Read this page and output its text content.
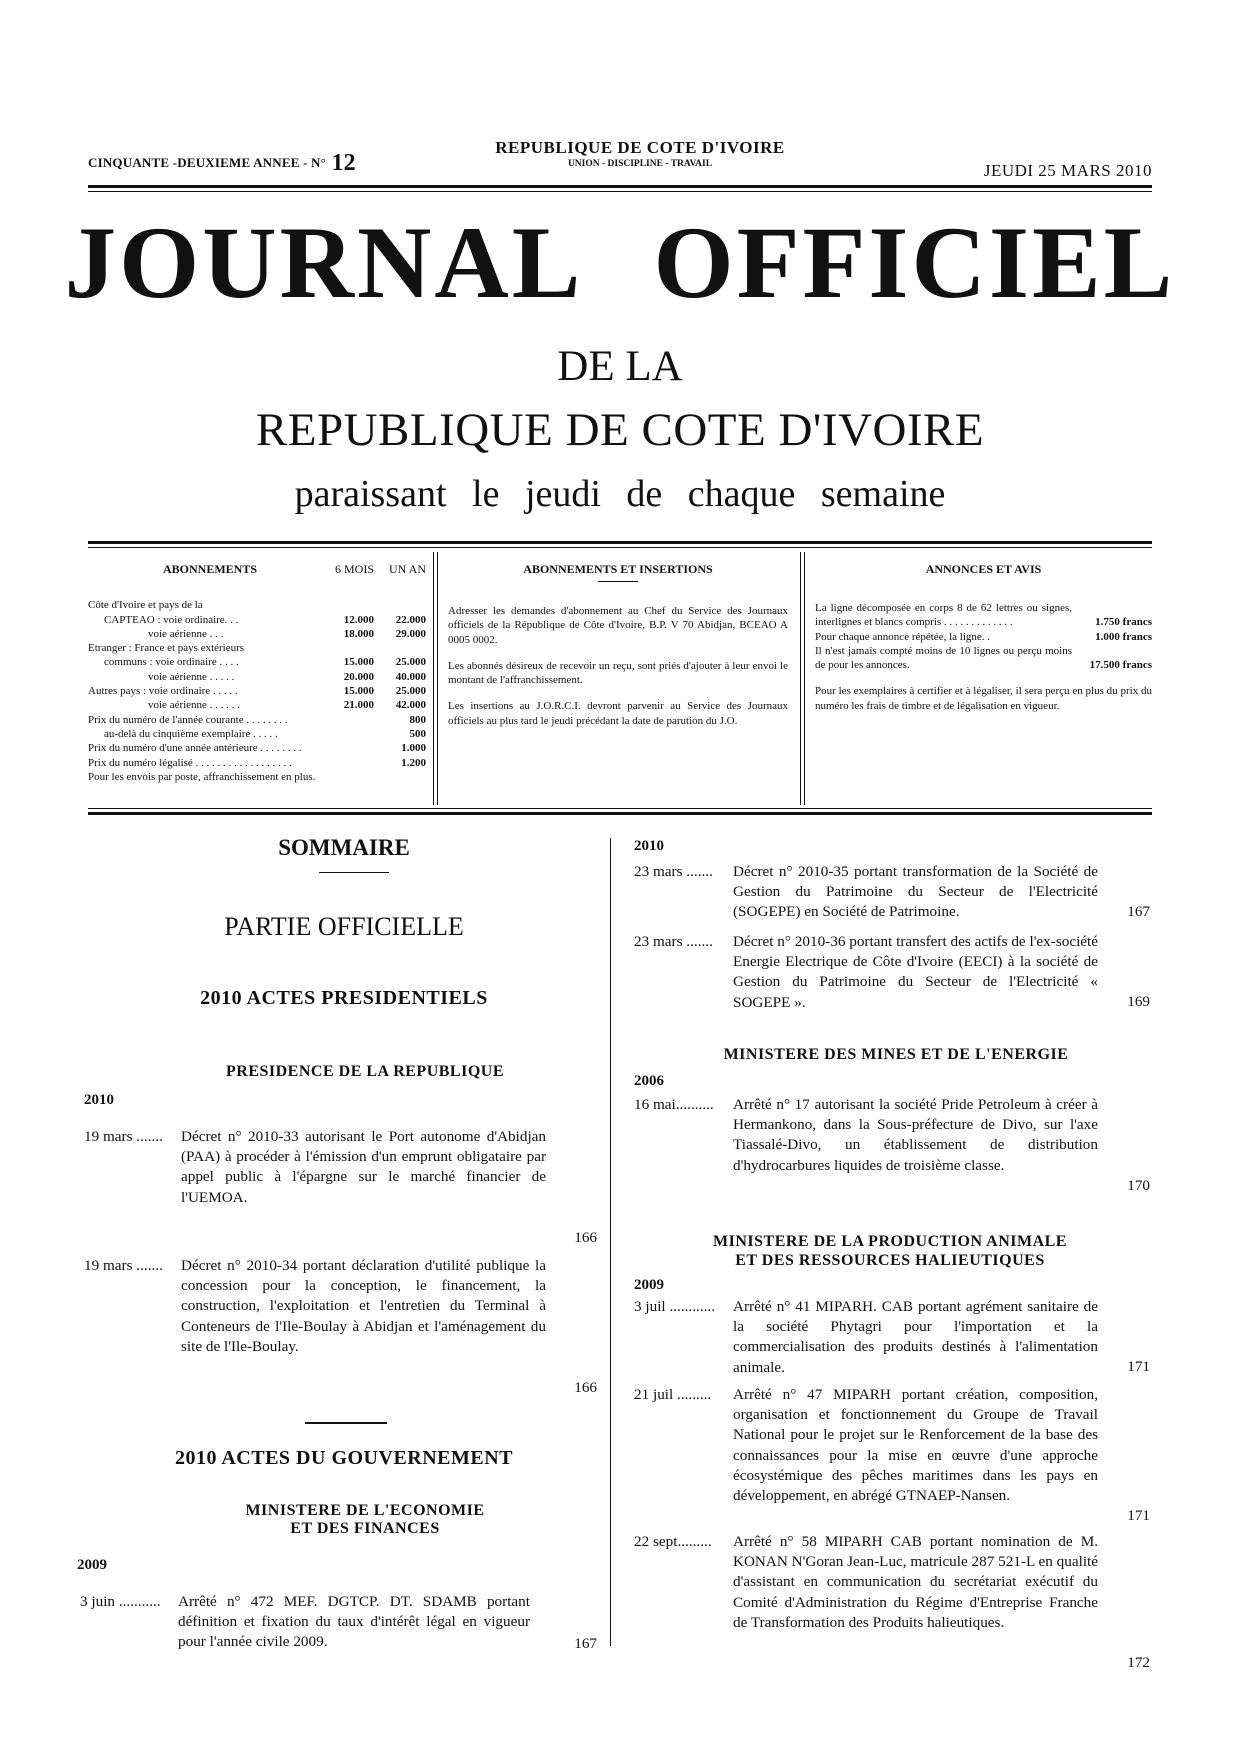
CINQUANTE -DEUXIEME ANNEE - N° 12
REPUBLIQUE DE COTE D'IVOIRE
UNION - DISCIPLINE - TRAVAIL	JEUDI 25 MARS 2010
JOURNAL OFFICIEL
DE LA
REPUBLIQUE DE COTE D'IVOIRE
paraissant le jeudi de chaque semaine
ABONNEMENTS	6 MOIS	UN AN
Côte d'Ivoire et pays de la
CAPTEAO : voie ordinaire. . .	12.000	22.000
voie aérienne . . .	18.000	29.000
Etranger : France et pays extérieurs
communs : voie ordinaire . . . .	15.000	25.000
voie aérienne . . . . .	20.000	40.000
Autres pays : voie ordinaire . . . . .	15.000	25.000
voie aérienne . . . . . .	21.000	42.000
Prix du numéro de l'année courante . . . . . . . .	800
au-delà du cinquième exemplaire . . . . .	500
Prix du numéro d'une année antérieure . . . . . . . .	1.000
Prix du numéro légalisé . . . . . . . . . . . . . . . . . .	1.200
Pour les envois par poste, affranchissement en plus.
ABONNEMENTS ET INSERTIONS
Adresser les demandes d'abonnement au Chef du Service des Journaux officiels de la République de Côte d'Ivoire, B.P. V 70 Abidjan, BCEAO A 0005 0002.
Les abonnés désireux de recevoir un reçu, sont priés d'ajouter à leur envoi le montant de l'affranchissement.
Les insertions au J.O.R.C.I. devront parvenir au Service des Journaux officiels au plus tard le jeudi précédant la date de parution du J.O.
ANNONCES ET AVIS
La ligne décomposée en corps 8 de 62 lettres ou signes, interlignes et blancs compris . . . . . . . . . . . . .	1.750 francs
Pour chaque annonce répétée, la ligne. .	1.000 francs
Il n'est jamais compté moins de 10 lignes ou perçu moins de pour les annonces.	17.500 francs
Pour les exemplaires à certifier et à légaliser, il sera perçu en plus du prix du numéro les frais de timbre et de légalisation en vigueur.
SOMMAIRE
PARTIE OFFICIELLE
2010 ACTES PRESIDENTIELS
PRESIDENCE DE LA REPUBLIQUE
2010
19 mars ....... Décret n° 2010-33 autorisant le Port autonome d'Abidjan (PAA) à procéder à l'émission d'un emprunt obligataire par appel public à l'épargne sur le marché financier de l'UEMOA.
166
19 mars ....... Décret n° 2010-34 portant déclaration d'utilité publique la concession pour la conception, le financement, la construction, l'exploitation et l'entretien du Terminal à Conteneurs de l'Ile-Boulay à Abidjan et l'aménagement du site de l'Ile-Boulay.
166
2010 ACTES DU GOUVERNEMENT
MINISTERE DE L'ECONOMIE
ET DES FINANCES
2009
3 juin ........... Arrêté n° 472 MEF. DGTCP. DT. SDAMB portant définition et fixation du taux d'intérêt légal en vigueur pour l'année civile 2009.	167
2010
23 mars ....... Décret n° 2010-35 portant transformation de la Société de Gestion du Patrimoine du Secteur de l'Electricité (SOGEPE) en Société de Patrimoine.	167
23 mars ....... Décret n° 2010-36 portant transfert des actifs de l'ex-société Energie Electrique de Côte d'Ivoire (EECI) à la société de Gestion du Patrimoine du Secteur de l'Electricité « SOGEPE ».	169
MINISTERE DES MINES ET DE L'ENERGIE
2006
16 mai.......... Arrêté n° 17 autorisant la société Pride Petroleum à créer à Hermankono, dans la Sous-préfecture de Divo, sur l'axe Tiassalé-Divo, un établissement de distribution d'hydrocarbures liquides de troisième classe.
170
MINISTERE DE LA PRODUCTION ANIMALE
ET DES RESSOURCES HALIEUTIQUES
2009
3 juil ............ Arrêté n° 41 MIPARH. CAB portant agrément sanitaire de la société Phytagri pour l'importation et la commercialisation des produits destinés à l'alimentation animale.	171
21 juil ......... Arrêté n° 47 MIPARH portant création, composition, organisation et fonctionnement du Groupe de Travail National pour le projet sur le Renforcement de la base des connaissances pour la mise en œuvre d'une approche écosystémique des pêches maritimes dans les pays en développement, en abrégé GTNAEP-Nansen.
171
22 sept......... Arrêté n° 58 MIPARH CAB portant nomination de M. KONAN N'Goran Jean-Luc, matricule 287 521-L en qualité d'assistant en communication du secrétariat exécutif du Comité d'Administration du Régime d'Entreprise Franche de Transformation des Produits halieutiques.
172
